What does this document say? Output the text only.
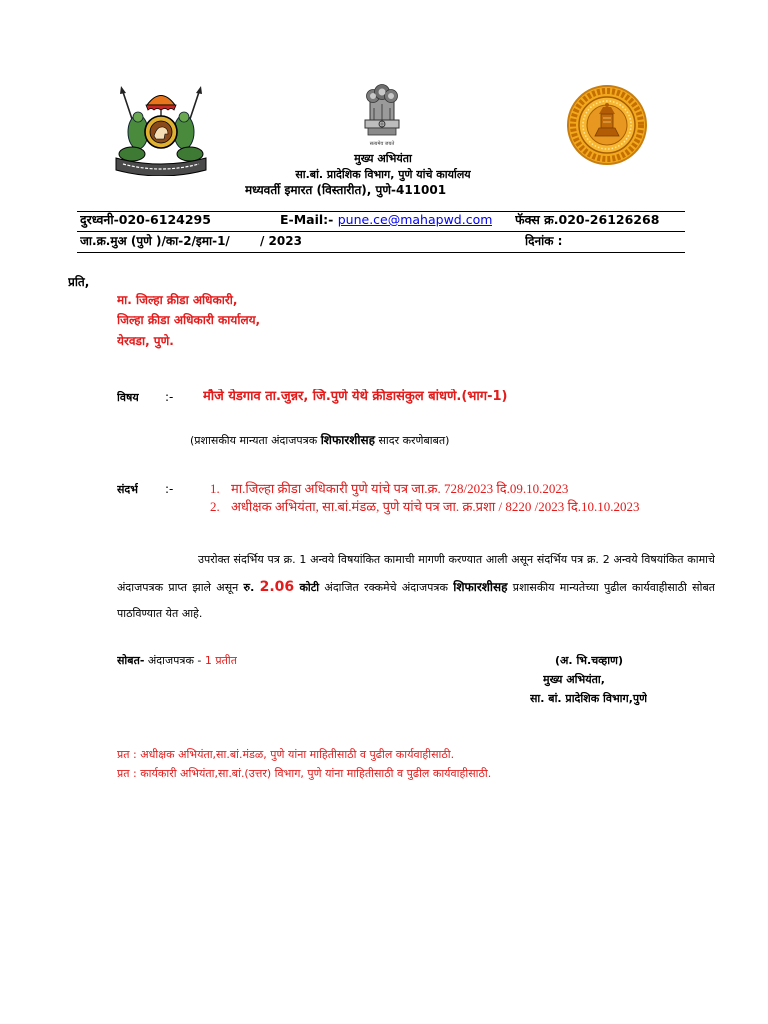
सत्यमेव जयते
मुख्य अभियंता
सा.बां. प्रादेशिक विभाग, पुणे यांचे कार्यालय
मध्यवर्ती इमारत (विस्तारीत), पुणे-411001
दुरध्वनी-020-6124295	E-Mail:- pune.ce@mahapwd.com फॅक्स क्र.020-26126268
जा.क्र.मुअ (पुणे )/का-2/इमा-1/	/ 2023	दिनांक :
प्रति,
मा. जिल्हा क्रीडा अधिकारी,
जिल्हा क्रीडा अधिकारी कार्यालय,
येरवडा, पुणे.
विषय :- मौजे येडगाव ता.जुन्नर, जि.पुणे येथे क्रीडासंकुल बांधणे.(भाग-1)
(प्रशासकीय मान्यता अंदाजपत्रक शिफारशीसह सादर करणेबाबत)
संदर्भ :-	1. मा.जिल्हा क्रीडा अधिकारी पुणे यांचे पत्र जा.क्र. 728/2023 दि.09.10.2023
2. अधीक्षक अभियंता, सा.बां.मंडळ, पुणे यांचे पत्र जा. क्र.प्रशा / 8220 /2023 दि.10.10.2023
उपरोक्त संदर्भिय पत्र क्र. 1 अन्वये विषयांकित कामाची मागणी करण्यात आली असून संदर्भिय पत्र क्र. 2 अन्वये विषयांकित कामाचे अंदाजपत्रक प्राप्त झाले असून रु. 2.06 कोटी अंदाजित रक्कमेचे अंदाजपत्रक शिफारशीसह प्रशासकीय मान्यतेच्या पुढील कार्यवाहीसाठी सोबत पाठविण्यात येत आहे.
सोबत- अंदाजपत्रक - 1 प्रतीत	(अ. भि.चव्हाण)
मुख्य अभियंता,
सा. बां. प्रादेशिक विभाग,पुणे
प्रत : अधीक्षक अभियंता,सा.बां.मंडळ, पुणे यांना माहितीसाठी व पुढील कार्यवाहीसाठी.
प्रत : कार्यकारी अभियंता,सा.बां.(उत्तर) विभाग, पुणे यांना माहितीसाठी व पुढील कार्यवाहीसाठी.
